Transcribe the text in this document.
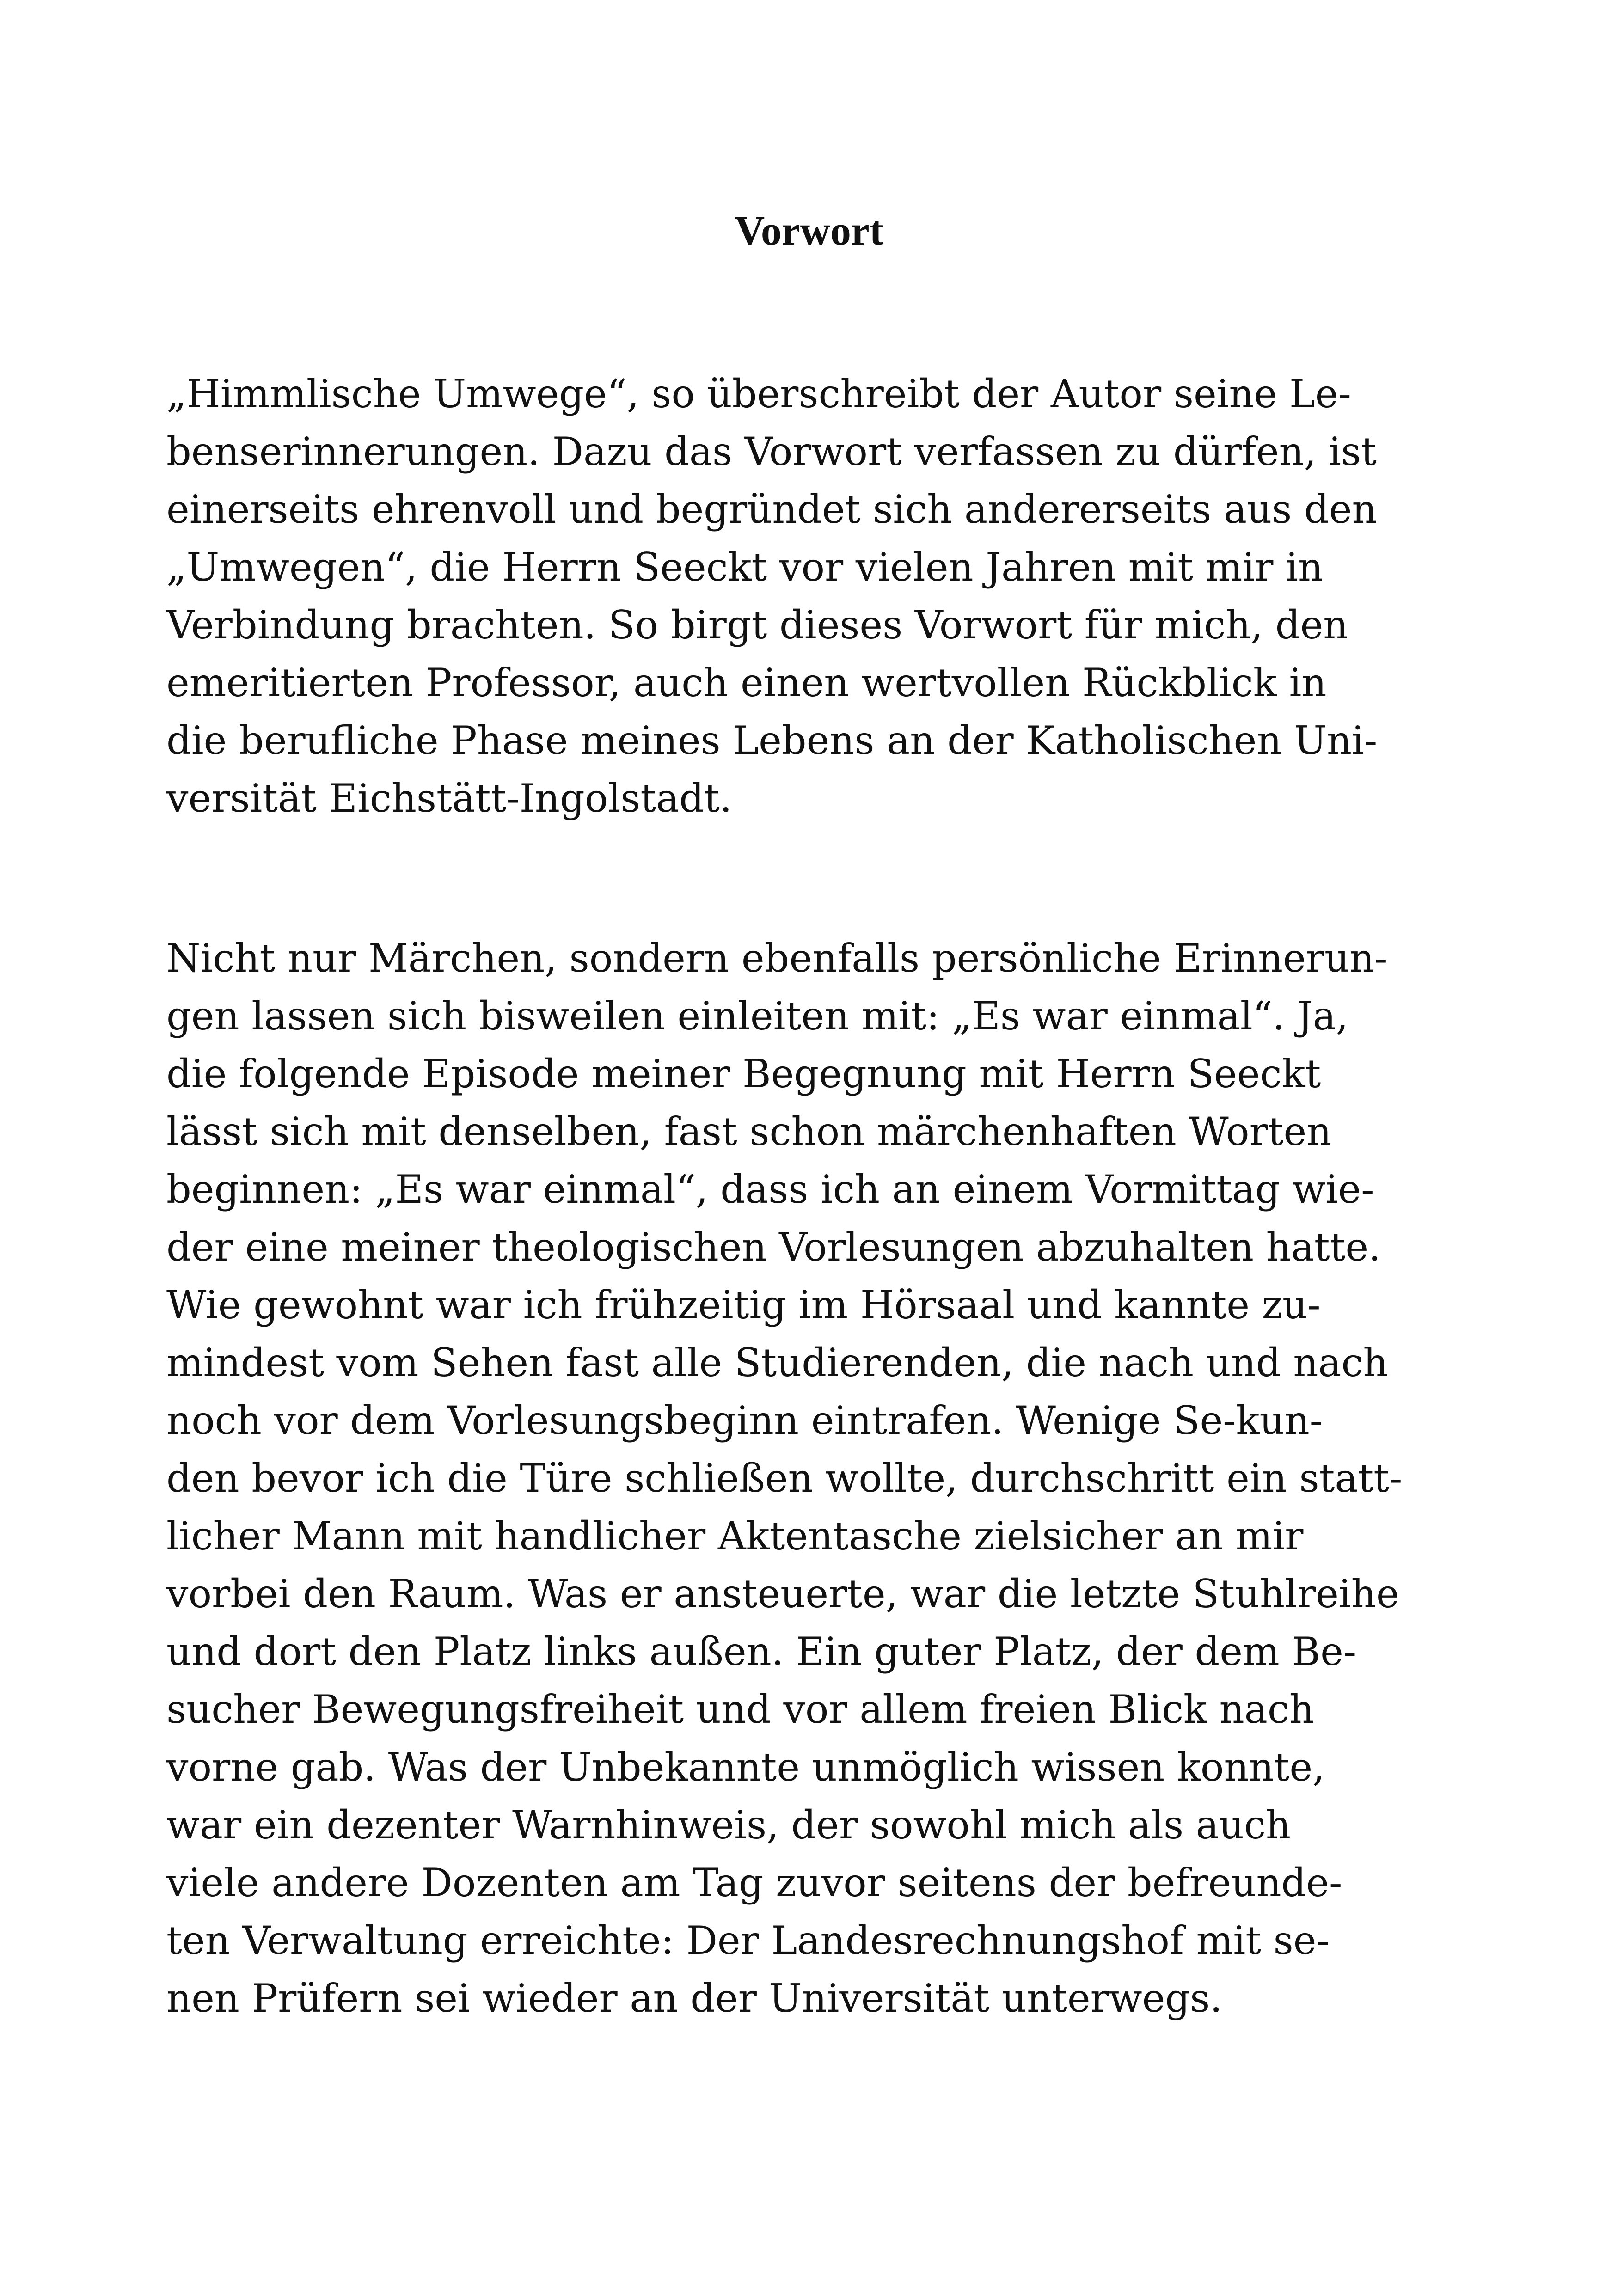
Vorwort

„Himmlische Umwege“, so überschreibt der Autor seine Le-
benserinnerungen. Dazu das Vorwort verfassen zu dürfen, ist
einerseits ehrenvoll und begründet sich andererseits aus den
„Umwegen“, die Herrn Seeckt vor vielen Jahren mit mir in
Verbindung brachten. So birgt dieses Vorwort für mich, den
emeritierten Professor, auch einen wertvollen Rückblick in
die berufliche Phase meines Lebens an der Katholischen Uni-
versität Eichstätt-Ingolstadt.

Nicht nur Märchen, sondern ebenfalls persönliche Erinnerun-
gen lassen sich bisweilen einleiten mit: „Es war einmal“. Ja,
die folgende Episode meiner Begegnung mit Herrn Seeckt
lässt sich mit denselben, fast schon märchenhaften Worten
beginnen: „Es war einmal“, dass ich an einem Vormittag wie-
der eine meiner theologischen Vorlesungen abzuhalten hatte.
Wie gewohnt war ich frühzeitig im Hörsaal und kannte zu-
mindest vom Sehen fast alle Studierenden, die nach und nach
noch vor dem Vorlesungsbeginn eintrafen. Wenige Se-kun-
den bevor ich die Türe schließen wollte, durchschritt ein statt-
licher Mann mit handlicher Aktentasche zielsicher an mir
vorbei den Raum. Was er ansteuerte, war die letzte Stuhlreihe
und dort den Platz links außen. Ein guter Platz, der dem Be-
sucher Bewegungsfreiheit und vor allem freien Blick nach
vorne gab. Was der Unbekannte unmöglich wissen konnte,
war ein dezenter Warnhinweis, der sowohl mich als auch
viele andere Dozenten am Tag zuvor seitens der befreunde-
ten Verwaltung erreichte: Der Landesrechnungshof mit se-
nen Prüfern sei wieder an der Universität unterwegs.
